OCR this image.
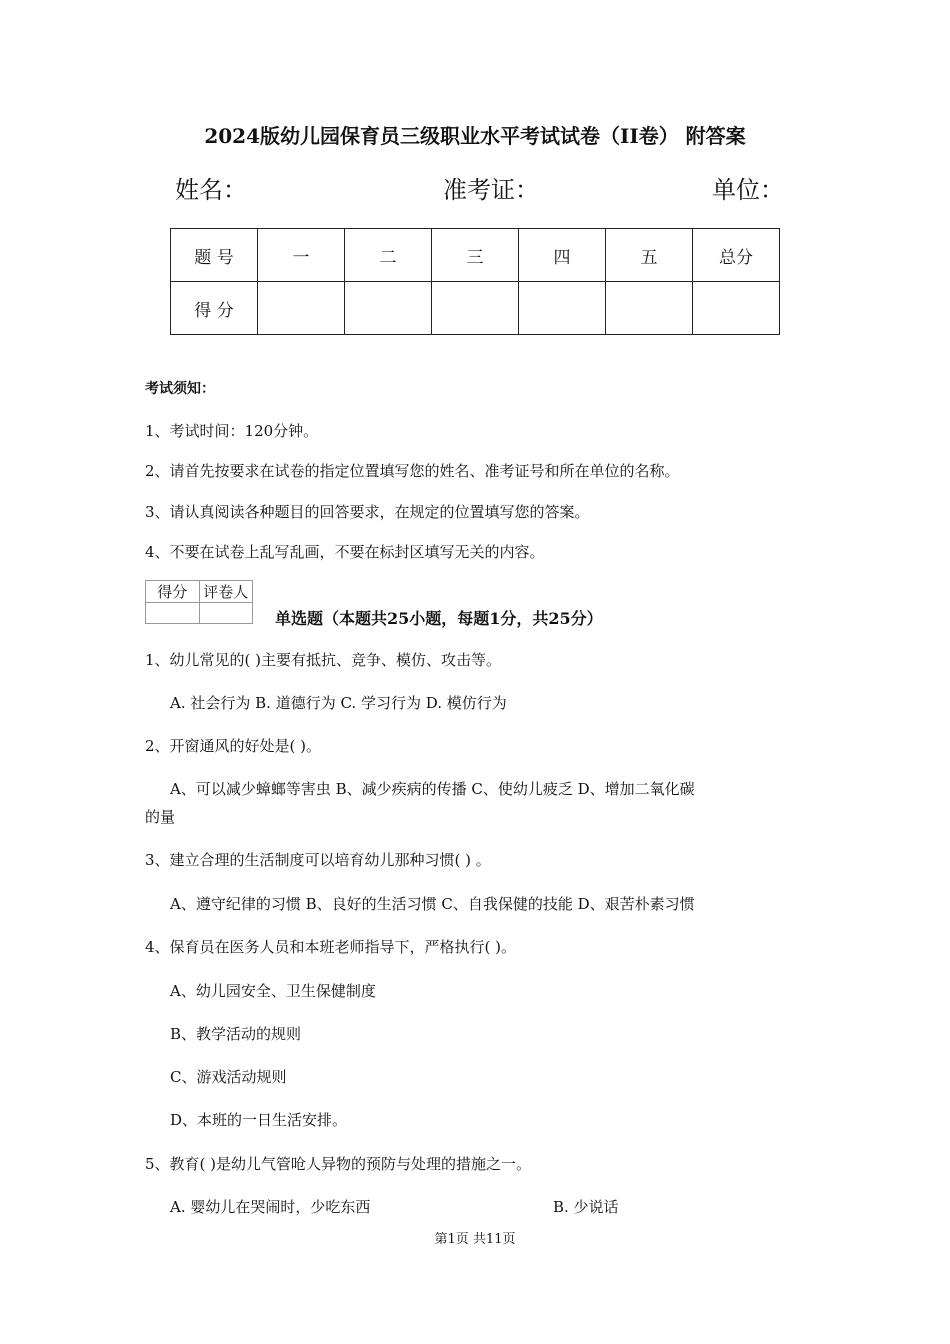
2024版幼儿园保育员三级职业水平考试试卷（II卷） 附答案
姓名：	准考证：	单位：
题 号	一	二	三	四	五	总分
得 分						
考试须知：
1、考试时间：120分钟。
2、请首先按要求在试卷的指定位置填写您的姓名、准考证号和所在单位的名称。
3、请认真阅读各种题目的回答要求，在规定的位置填写您的答案。
4、不要在试卷上乱写乱画，不要在标封区填写无关的内容。
得分	评卷人

单选题（本题共25小题，每题1分，共25分）
1、幼儿常见的( )主要有抵抗、竞争、模仿、攻击等。
A. 社会行为 B. 道德行为 C. 学习行为 D. 模仿行为
2、开窗通风的好处是( )。
A、可以减少蟑螂等害虫 B、减少疾病的传播 C、使幼儿疲乏 D、增加二氧化碳
的量
3、建立合理的生活制度可以培育幼儿那种习惯( ) 。
A、遵守纪律的习惯 B、良好的生活习惯 C、自我保健的技能 D、艰苦朴素习惯
4、保育员在医务人员和本班老师指导下，严格执行( )。
A、幼儿园安全、卫生保健制度
B、教学活动的规则
C、游戏活动规则
D、本班的一日生活安排。
5、教育( )是幼儿气管呛人异物的预防与处理的措施之一。
A. 婴幼儿在哭闹时，少吃东西	B. 少说话
第1页 共11页
